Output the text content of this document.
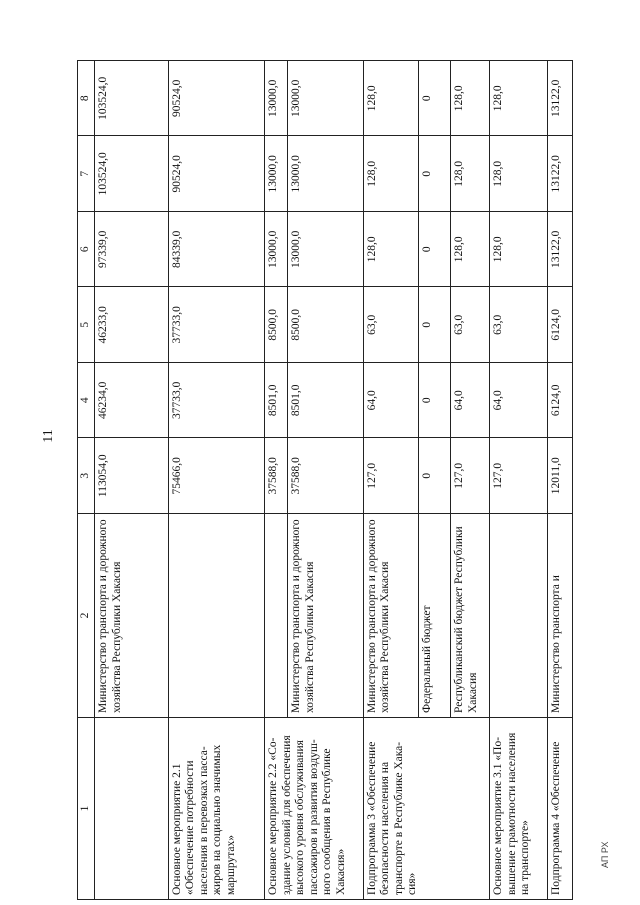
11
АП РХ
1	2	3	4	5	6	7	8
	Министерство транспорта и дорожного хозяйства Республики Хакасия	113054,0	46234,0	46233,0	97339,0	103524,0	103524,0
Основное мероприятие 2.1 «Обеспечение потребности населения в перевозках пасса-жиров на социально значимых маршрутах»		75466,0	37733,0	37733,0	84339,0	90524,0	90524,0
Основное мероприятие 2.2 «Со-здание условий для обеспечения высокого уровня обслуживания пассажиров и развития воздуш-ного сообщения в Республике Хакасия»		37588,0	8501,0	8500,0	13000,0	13000,0	13000,0
	Министерство транспорта и дорожного хозяйства Республики Хакасия	37588,0	8501,0	8500,0	13000,0	13000,0	13000,0
Подпрограмма 3 «Обеспечение безопасности населения на транспорте в Республике Хака-сия»	Министерство транспорта и дорожного хозяйства Республики Хакасия	127,0	64,0	63,0	128,0	128,0	128,0
	Федеральный бюджет	0	0	0	0	0	0
	Республиканский бюджет Республики Хакасия	127,0	64,0	63,0	128,0	128,0	128,0
Основное мероприятие 3.1 «По-вышение грамотности населения на транспорте»		127,0	64,0	63,0	128,0	128,0	128,0
Подпрограмма 4 «Обеспечение	Министерство транспорта и	12011,0	6124,0	6124,0	13122,0	13122,0	13122,0
